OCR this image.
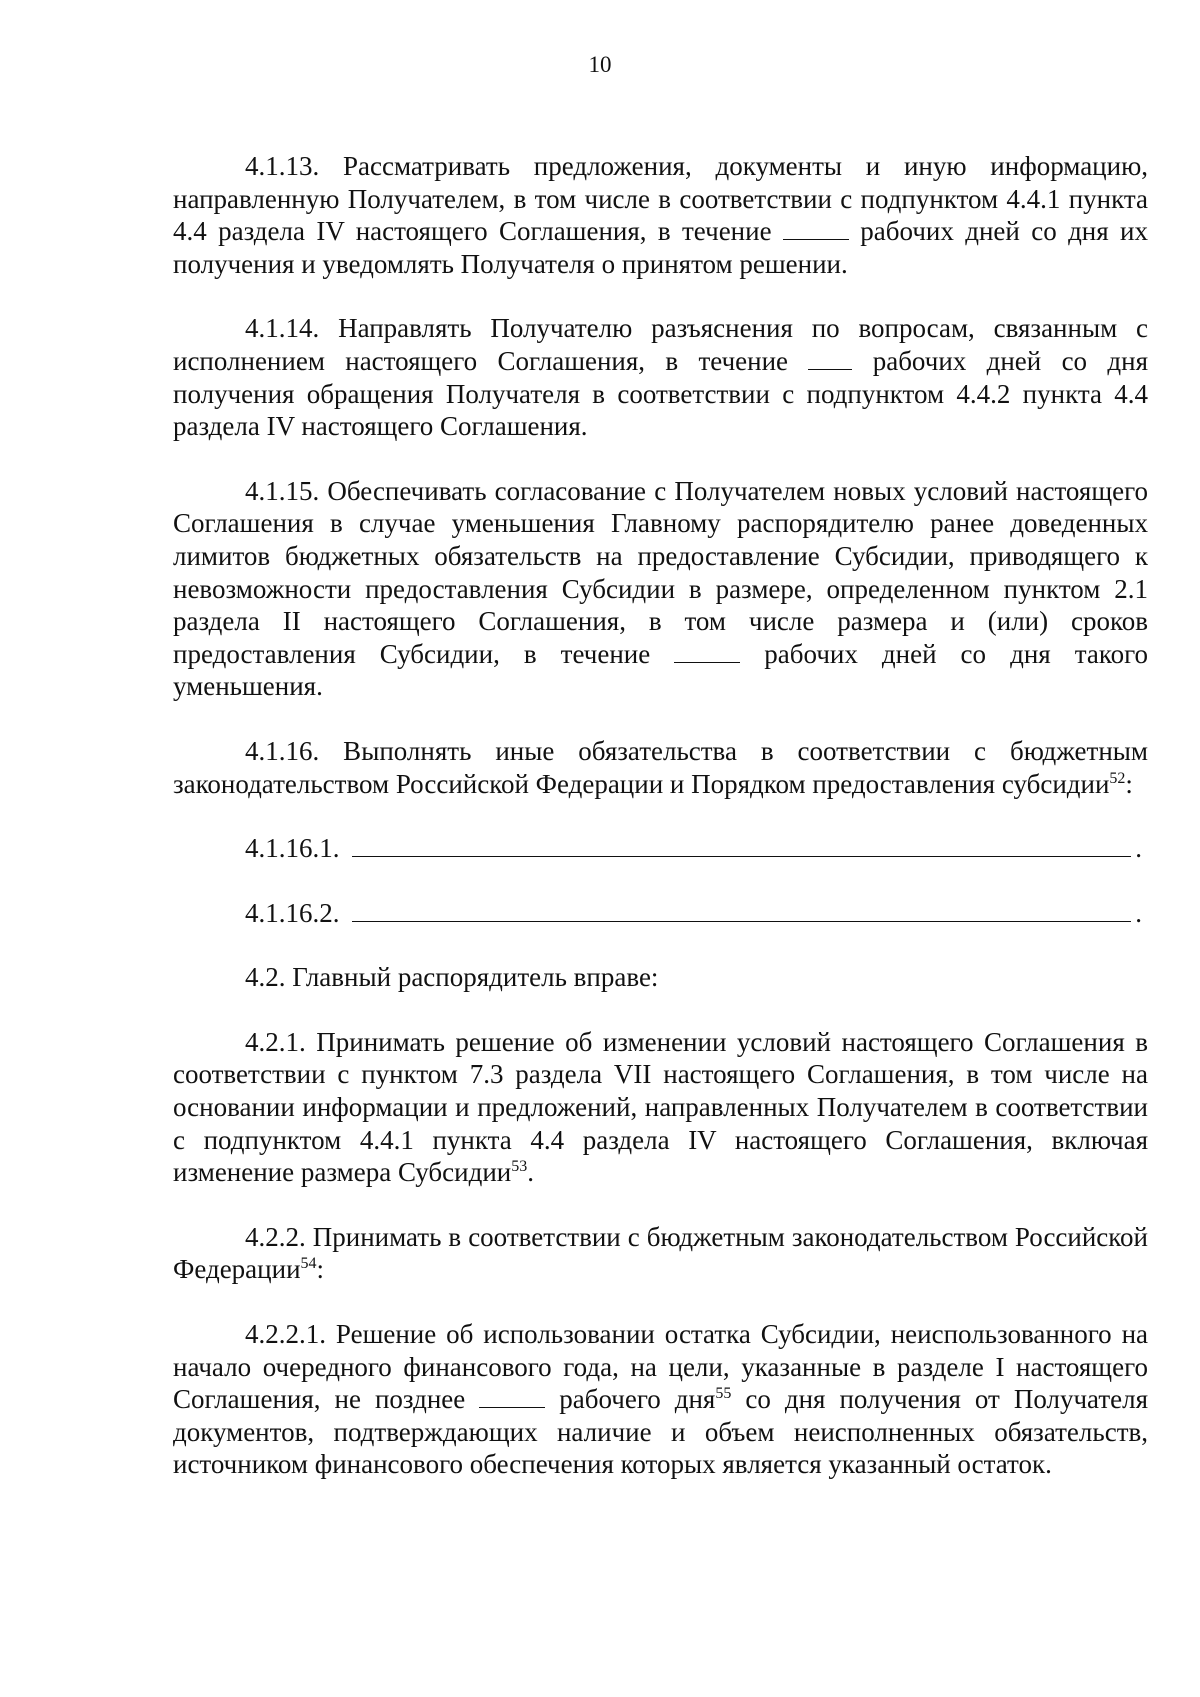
10

4.1.13. Рассматривать предложения, документы и иную информацию, направленную Получателем, в том числе в соответствии с подпунктом 4.4.1 пункта 4.4 раздела IV настоящего Соглашения, в течение  рабочих дней со дня их получения и уведомлять Получателя о принятом решении.

4.1.14. Направлять Получателю разъяснения по вопросам, связанным с исполнением настоящего Соглашения, в течение  рабочих дней со дня получения обращения Получателя в соответствии с подпунктом 4.4.2 пункта 4.4 раздела IV настоящего Соглашения.

4.1.15. Обеспечивать согласование с Получателем новых условий настоящего Соглашения в случае уменьшения Главному распорядителю ранее доведенных лимитов бюджетных обязательств на предоставление Субсидии, приводящего к невозможности предоставления Субсидии в размере, определенном пунктом 2.1 раздела II настоящего Соглашения, в том числе размера и (или) сроков предоставления Субсидии, в течение  рабочих дней со дня такого уменьшения.

4.1.16. Выполнять иные обязательства в соответствии с бюджетным законодательством Российской Федерации и Порядком предоставления субсидии$^{52}$:

4.1.16.1.	.
4.1.16.2.	.
4.2. Главный распорядитель вправе:

4.2.1. Принимать решение об изменении условий настоящего Соглашения в соответствии с пунктом 7.3 раздела VII настоящего Соглашения, в том числе на основании информации и предложений, направленных Получателем в соответствии с подпунктом 4.4.1 пункта 4.4 раздела IV настоящего Соглашения, включая изменение размера Субсидии$^{53}$.

4.2.2. Принимать в соответствии с бюджетным законодательством Российской Федерации$^{54}$:

4.2.2.1. Решение об использовании остатка Субсидии, неиспользованного на начало очередного финансового года, на цели, указанные в разделе I настоящего Соглашения, не позднее  рабочего дня$^{55}$ со дня получения от Получателя документов, подтверждающих наличие и объем неисполненных обязательств, источником финансового обеспечения которых является указанный остаток.
